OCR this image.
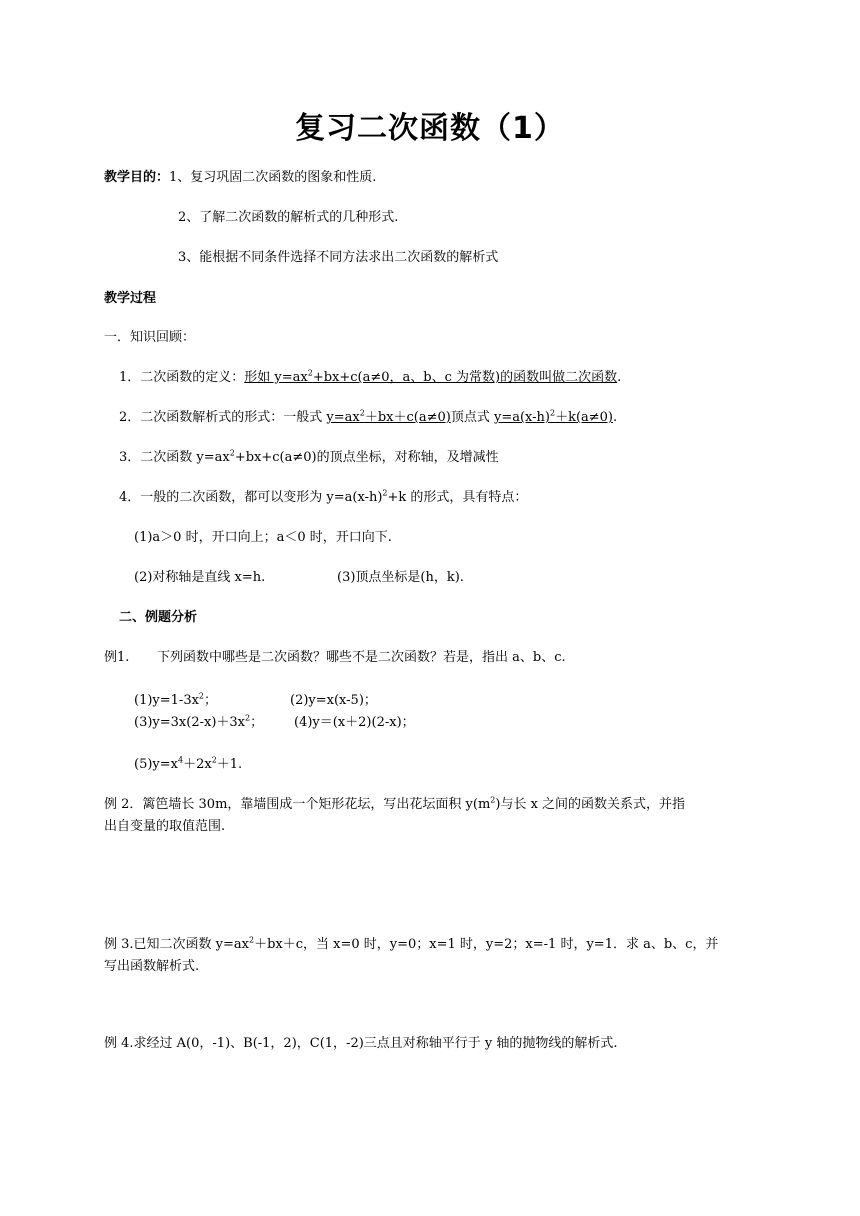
复习二次函数（1）
教学目的：1、复习巩固二次函数的图象和性质.
2、了解二次函数的解析式的几种形式.
3、能根据不同条件选择不同方法求出二次函数的解析式
教学过程
一．知识回顾：
1．二次函数的定义：形如 $y=ax^2+bx+c(a\ne 0$，a、b、c 为常数)的函数叫做二次函数.
2．二次函数解析式的形式：一般式 $y=ax^2+bx+c(a\ne 0)$顶点式 $y=a(x-h)^2+k(a\ne 0)$.
3．二次函数 $y=ax^2+bx+c(a\ne 0)$的顶点坐标，对称轴，及增减性
4．一般的二次函数，都可以变形为 $y=a(x-h)^2+k$ 的形式，具有特点：
(1)a＞0 时，开口向上；a＜0 时，开口向下.
(2)对称轴是直线 x=h.	(3)顶点坐标是(h，k).
二、例题分析
例1. 下列函数中哪些是二次函数？哪些不是二次函数？若是，指出 a、b、c.
$(1)y=1-3x^2$；	(2)y=x(x-5)；
$(3)y=3x(2-x)+3x^2$； (4)y＝(x＋2)(2-x)；
$(5)y=x^4+2x^2+1$.
例 2．篱笆墙长 30m，靠墙围成一个矩形花坛，写出花坛面积 $y(m^2)$与长 x 之间的函数关系式，并指
出自变量的取值范围.
例 3.已知二次函数 $y=ax^2+bx+c$，当 x=0 时，y=0；x=1 时，y=2；x=-1 时，y=1．求 a、b、c，并
写出函数解析式.
例 4.求经过 A(0，-1)、B(-1，2)，C(1，-2)三点且对称轴平行于 y 轴的抛物线的解析式.
